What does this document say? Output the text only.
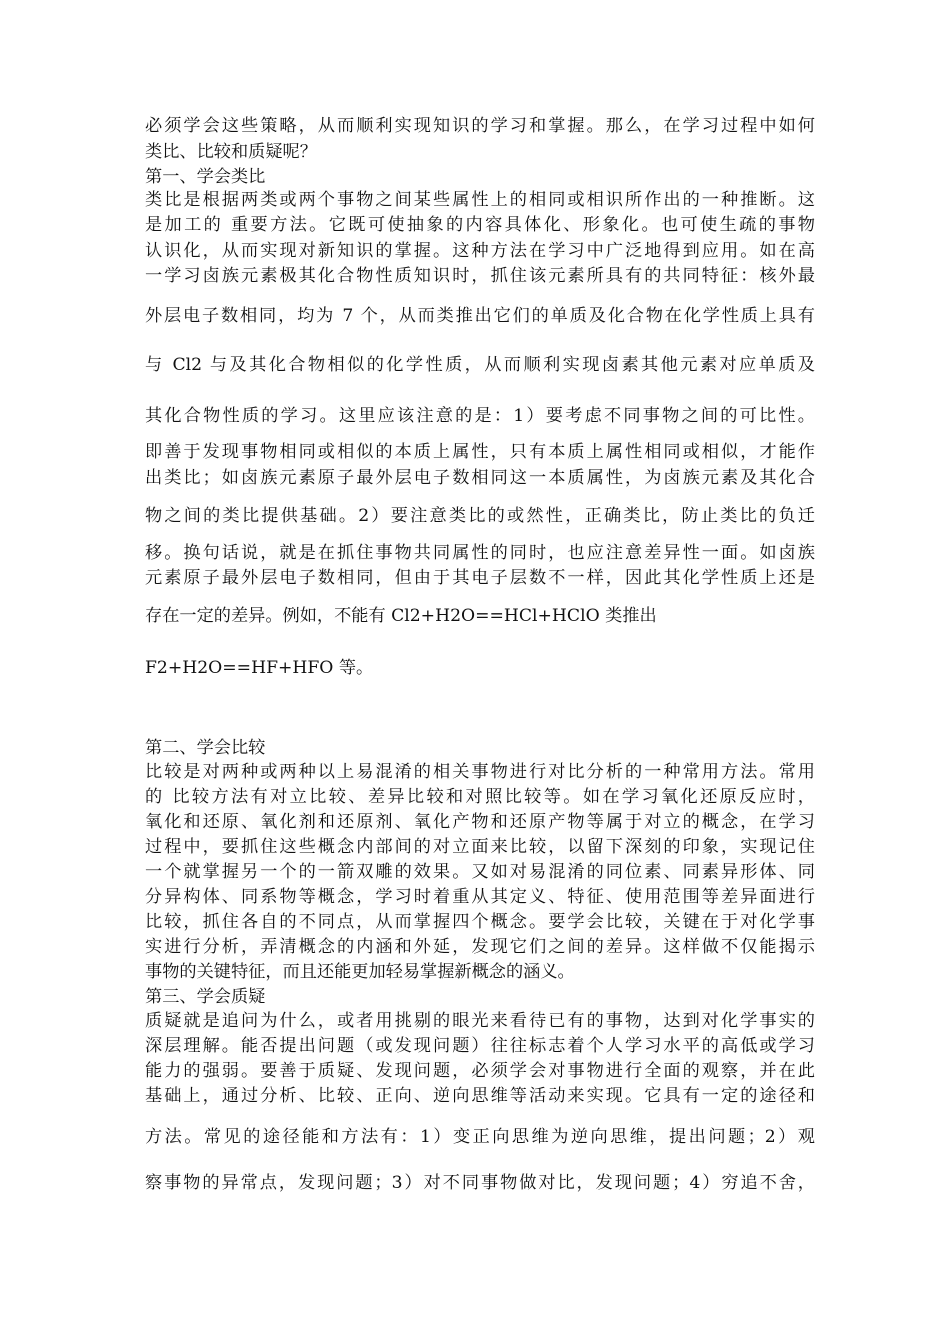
必须学会这些策略，从而顺利实现知识的学习和掌握。那么，在学习过程中如何

类比、比较和质疑呢？

第一、学会类比

类比是根据两类或两个事物之间某些属性上的相同或相识所作出的一种推断。这

是加工的 重要方法。它既可使抽象的内容具体化、形象化。也可使生疏的事物

认识化，从而实现对新知识的掌握。这种方法在学习中广泛地得到应用。如在高

一学习卤族元素极其化合物性质知识时，抓住该元素所具有的共同特征：核外最

外层电子数相同，均为 7 个，从而类推出它们的单质及化合物在化学性质上具有

与 Cl2 与及其化合物相似的化学性质，从而顺利实现卤素其他元素对应单质及

其化合物性质的学习。这里应该注意的是：1）要考虑不同事物之间的可比性。

即善于发现事物相同或相似的本质上属性，只有本质上属性相同或相似，才能作

出类比；如卤族元素原子最外层电子数相同这一本质属性，为卤族元素及其化合

物之间的类比提供基础。2）要注意类比的或然性，正确类比，防止类比的负迁

移。换句话说，就是在抓住事物共同属性的同时，也应注意差异性一面。如卤族

元素原子最外层电子数相同，但由于其电子层数不一样，因此其化学性质上还是

存在一定的差异。例如，不能有 Cl2+H2O==HCl+HClO 类推出

F2+H2O==HF+HFO 等。

第二、学会比较

比较是对两种或两种以上易混淆的相关事物进行对比分析的一种常用方法。常用

的 比较方法有对立比较、差异比较和对照比较等。如在学习氧化还原反应时，

氧化和还原、氧化剂和还原剂、氧化产物和还原产物等属于对立的概念，在学习

过程中，要抓住这些概念内部间的对立面来比较，以留下深刻的印象，实现记住

一个就掌握另一个的一箭双雕的效果。又如对易混淆的同位素、同素异形体、同

分异构体、同系物等概念，学习时着重从其定义、特征、使用范围等差异面进行

比较，抓住各自的不同点，从而掌握四个概念。要学会比较，关键在于对化学事

实进行分析，弄清概念的内涵和外延，发现它们之间的差异。这样做不仅能揭示

事物的关键特征，而且还能更加轻易掌握新概念的涵义。

第三、学会质疑

质疑就是追问为什么，或者用挑剔的眼光来看待已有的事物，达到对化学事实的

深层理解。能否提出问题（或发现问题）往往标志着个人学习水平的高低或学习

能力的强弱。要善于质疑、发现问题，必须学会对事物进行全面的观察，并在此

基础上，通过分析、比较、正向、逆向思维等活动来实现。它具有一定的途径和

方法。常见的途径能和方法有：1）变正向思维为逆向思维，提出问题；2）观

察事物的异常点，发现问题；3）对不同事物做对比，发现问题；4）穷追不舍，
